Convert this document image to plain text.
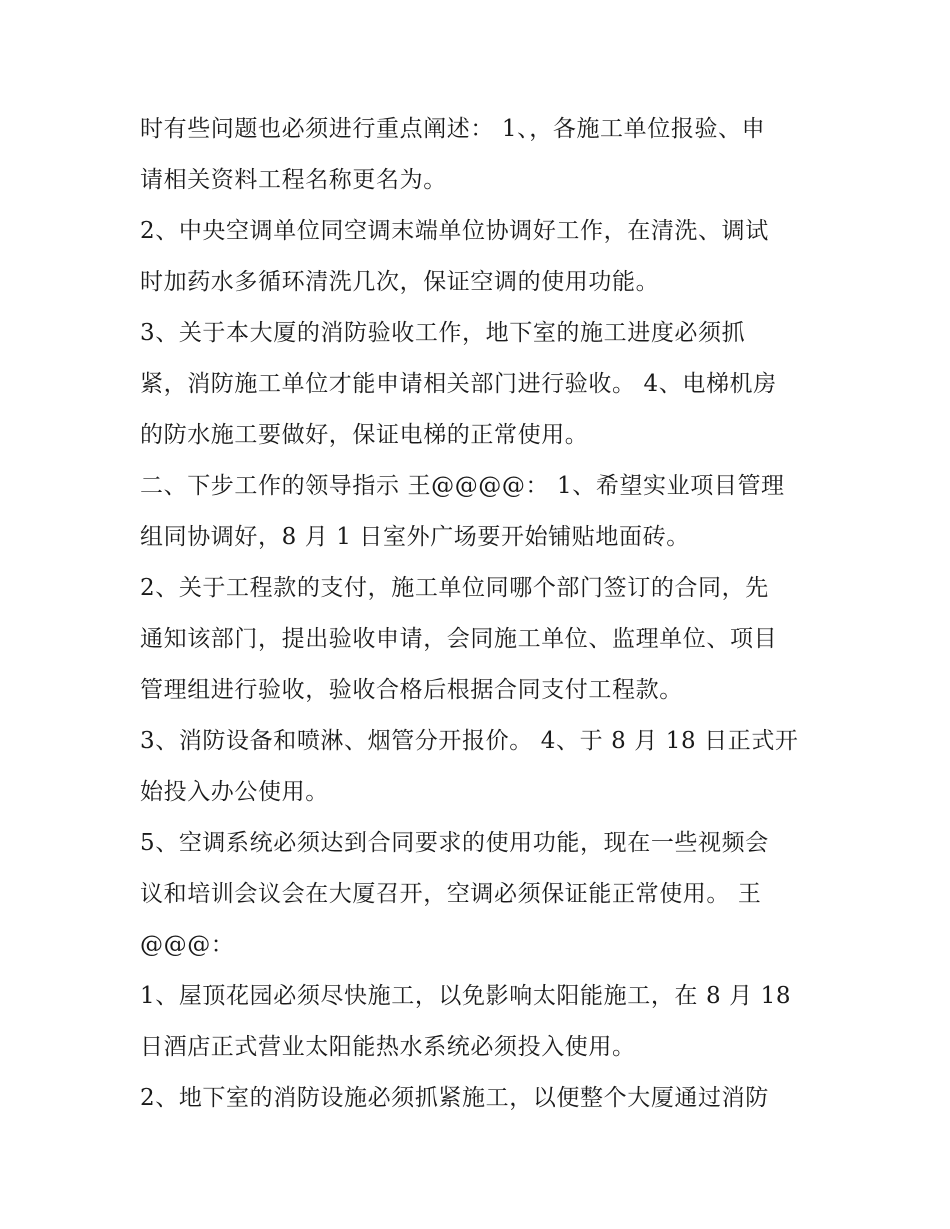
时有些问题也必须进行重点阐述： 1、，各施工单位报验、申
请相关资料工程名称更名为。
2、中央空调单位同空调末端单位协调好工作，在清洗、调试
时加药水多循环清洗几次，保证空调的使用功能。
3、关于本大厦的消防验收工作，地下室的施工进度必须抓
紧，消防施工单位才能申请相关部门进行验收。 4、电梯机房
的防水施工要做好，保证电梯的正常使用。
二、下步工作的领导指示 王@@@@： 1、希望实业项目管理
组同协调好，8 月 1 日室外广场要开始铺贴地面砖。
2、关于工程款的支付，施工单位同哪个部门签订的合同，先
通知该部门，提出验收申请，会同施工单位、监理单位、项目
管理组进行验收，验收合格后根据合同支付工程款。
3、消防设备和喷淋、烟管分开报价。 4、于 8 月 18 日正式开
始投入办公使用。
5、空调系统必须达到合同要求的使用功能，现在一些视频会
议和培训会议会在大厦召开，空调必须保证能正常使用。 王
@@@：
1、屋顶花园必须尽快施工，以免影响太阳能施工，在 8 月 18
日酒店正式营业太阳能热水系统必须投入使用。
2、地下室的消防设施必须抓紧施工，以便整个大厦通过消防
